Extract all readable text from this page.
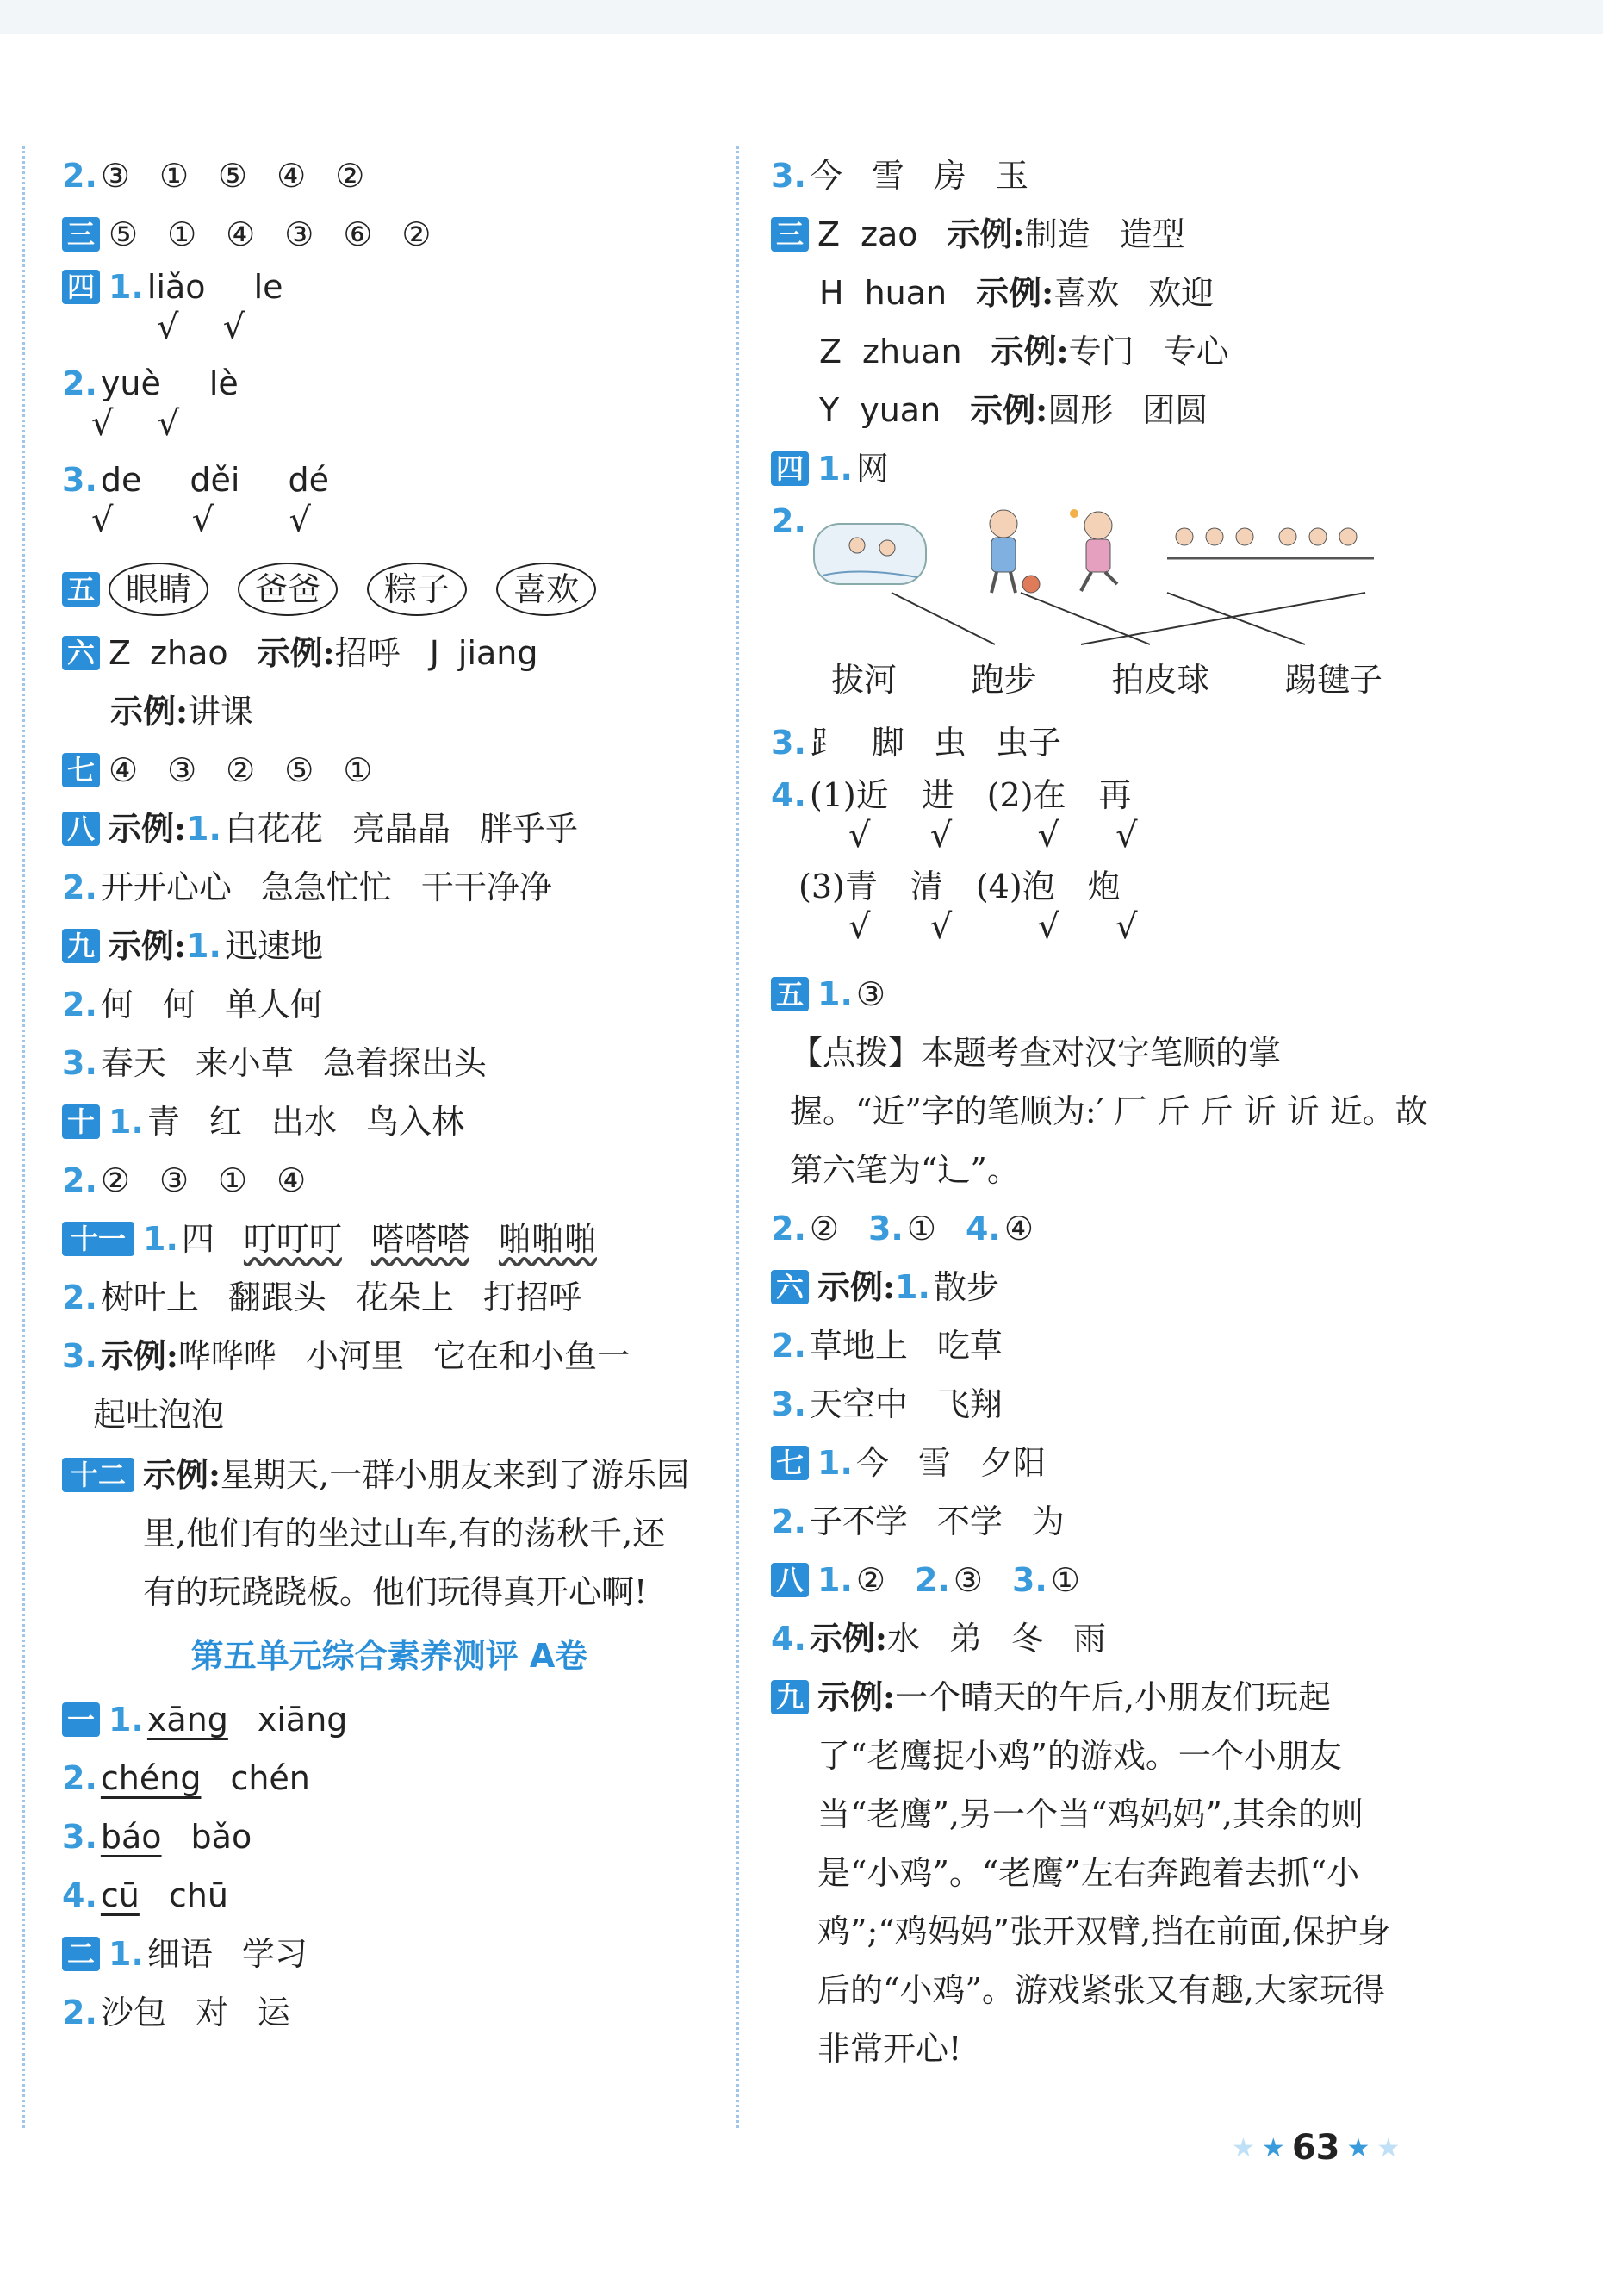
2. ③ ① ⑤ ④ ②
三 ⑤ ① ④ ③ ⑥ ②
四 1. liǎo le
√ √
2. yuè lè
√ √
3. de děi dé
√ √ √
五 眼睛	爸爸	粽子	喜欢
六 Z zhao 示例: 招呼 J jiang
示例: 讲课
七 ④ ③ ② ⑤ ①
八 示例: 1. 白花花 亮晶晶 胖乎乎
2. 开开心心 急急忙忙 干干净净
九 示例: 1. 迅速地
2. 何 何 单人何
3. 春天 来小草 急着探出头
十 1. 青 红 出水 鸟入林
2. ② ③ ① ④
十一 1. 四 叮叮叮 嗒嗒嗒 啪啪啪
2. 树叶上 翻跟头 花朵上 打招呼
3. 示例: 哗哗哗 小河里 它在和小鱼一
起吐泡泡
十二 示例:星期天,一群小朋友来到了游乐园里,他们有的坐过山车,有的荡秋千,还有的玩跷跷板。他们玩得真开心啊!
第五单元综合素养测评 A卷
一 1. xāng xiāng
2. chéng chén
3. báo bǎo
4. cū chū
二 1. 细语 学习
2. 沙包 对 运
3. 今 雪 房 玉
三 Z zao 示例: 制造 造型
H huan 示例: 喜欢 欢迎
Z zhuan 示例: 专门 专心
Y yuan 示例: 圆形 团圆
四 1. 网
2.
拔河 跑步 拍皮球 踢毽子
3. ⻊ 脚 虫 虫子
4. (1)近　进　(2)在　再
√ √ √ √
(3)青　清　(4)泡　炮
√ √ √ √
五 1. ③
【点拨】本题考查对汉字笔顺的掌握。“近”字的笔顺为:′ 厂 斤 斤 䜣 䜣 近。故第六笔为“辶”。
2. ② 3. ① 4. ④
六 示例: 1. 散步
2. 草地上 吃草
3. 天空中 飞翔
七 1. 今 雪 夕阳
2. 子不学 不学 为
八 1. ② 2. ③ 3. ①
4. 示例: 水 弟 冬 雨
九 示例:一个晴天的午后,小朋友们玩起了“老鹰捉小鸡”的游戏。一个小朋友当“老鹰”,另一个当“鸡妈妈”,其余的则是“小鸡”。“老鹰”左右奔跑着去抓“小鸡”;“鸡妈妈”张开双臂,挡在前面,保护身后的“小鸡”。游戏紧张又有趣,大家玩得非常开心!
★ ★ 63 ★ ★
